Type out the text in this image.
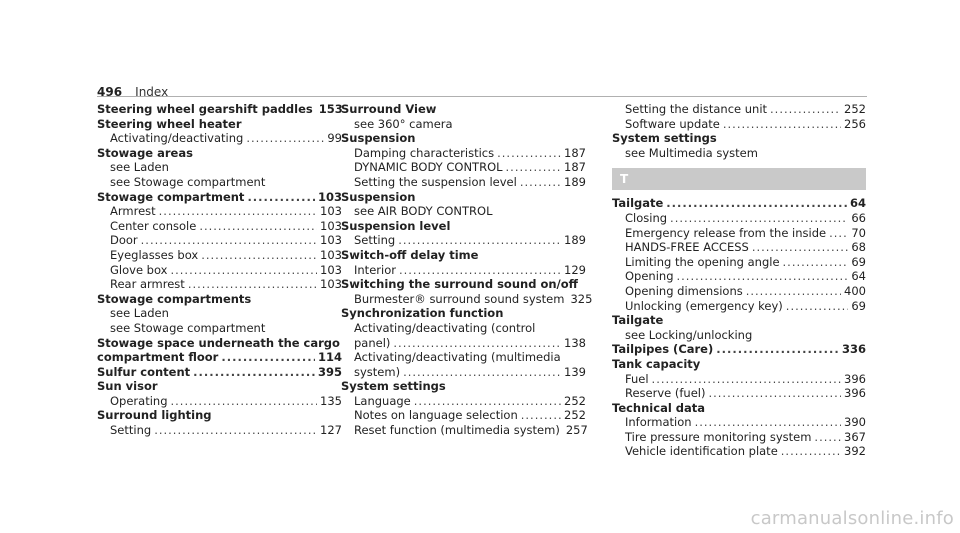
496 Index
Steering wheel gearshift paddles 153
Steering wheel heater
Activating/deactivating .....	99
Stowage areas
see Laden
see Stowage compartment
Stowage compartment .....	103
Armrest .....	103
Center console .....	103
Door .....	103
Eyeglasses box .....	103
Glove box .....	103
Rear armrest .....	103
Stowage compartments
see Laden
see Stowage compartment
Stowage space underneath the cargo
compartment floor .....	114
Sulfur content .....	395
Sun visor
Operating .....	135
Surround lighting
Setting .....	127
Surround View
see 360° camera
Suspension
Damping characteristics .....	187
DYNAMIC BODY CONTROL .....	187
Setting the suspension level .....	189
Suspension
see AIR BODY CONTROL
Suspension level
Setting .....	189
Switch-off delay time
Interior .....	129
Switching the surround sound on/off
Burmester® surround sound system 325
Synchronization function
Activating/deactivating (control
panel) .....	138
Activating/deactivating (multimedia
system) .....	139
System settings
Language .....	252
Notes on language selection .....	252
Reset function (multimedia system) 257
Setting the distance unit .....	252
Software update .....	256
System settings
see Multimedia system
T
Tailgate .....	64
Closing .....	66
Emergency release from the inside ..... 70
HANDS-FREE ACCESS .....	68
Limiting the opening angle .....	69
Opening .....	64
Opening dimensions .....	400
Unlocking (emergency key) .....	69
Tailgate
see Locking/unlocking
Tailpipes (Care) .....	336
Tank capacity
Fuel .....	396
Reserve (fuel) .....	396
Technical data
Information .....	390
Tire pressure monitoring system .....	367
Vehicle identification plate .....	392
carmanualsonline.info
